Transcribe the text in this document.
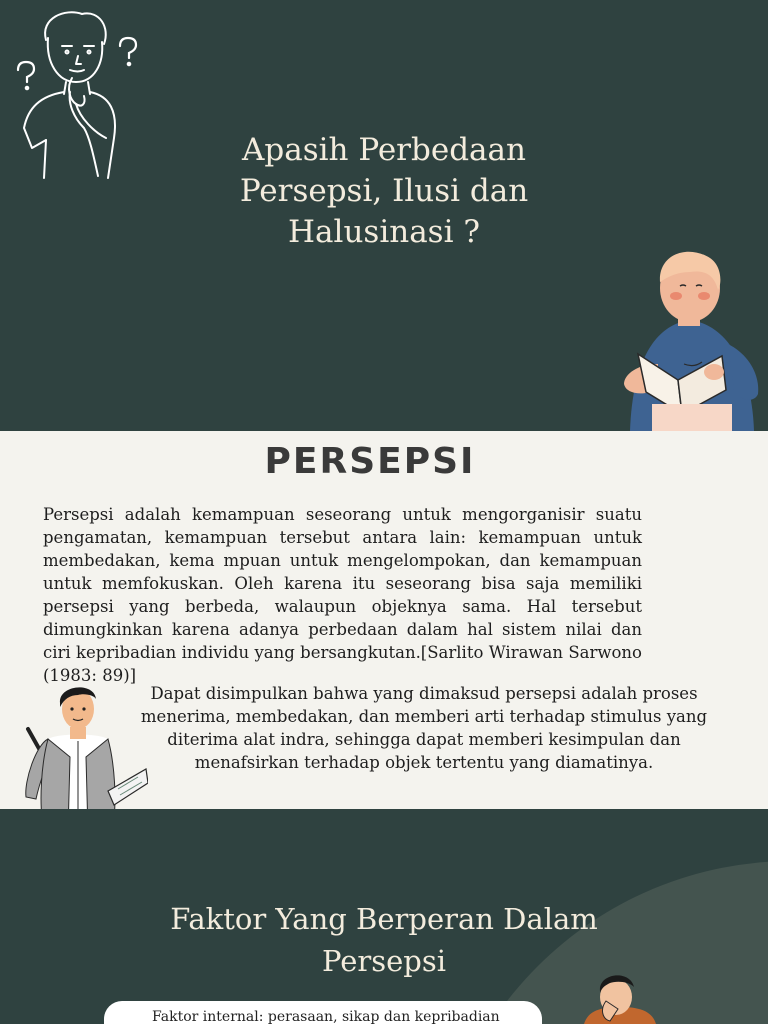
Apasih Perbedaan Persepsi, Ilusi dan Halusinasi ?
PERSEPSI

Persepsi adalah kemampuan seseorang untuk mengorganisir suatu pengamatan, kemampuan tersebut antara lain: kemampuan untuk membedakan, kema mpuan untuk mengelompokan, dan kemampuan untuk memfokuskan. Oleh karena itu seseorang bisa saja memiliki persepsi yang berbeda, walaupun objeknya sama. Hal tersebut dimungkinkan karena adanya perbedaan dalam hal sistem nilai dan ciri kepribadian individu yang bersangkutan.[Sarlito Wirawan Sarwono (1983: 89)]

Dapat disimpulkan bahwa yang dimaksud persepsi adalah proses menerima, membedakan, dan memberi arti terhadap stimulus yang diterima alat indra, sehingga dapat memberi kesimpulan dan menafsirkan terhadap objek tertentu yang diamatinya.

Faktor Yang Berperan Dalam Persepsi
Faktor internal: perasaan, sikap dan kepribadian
